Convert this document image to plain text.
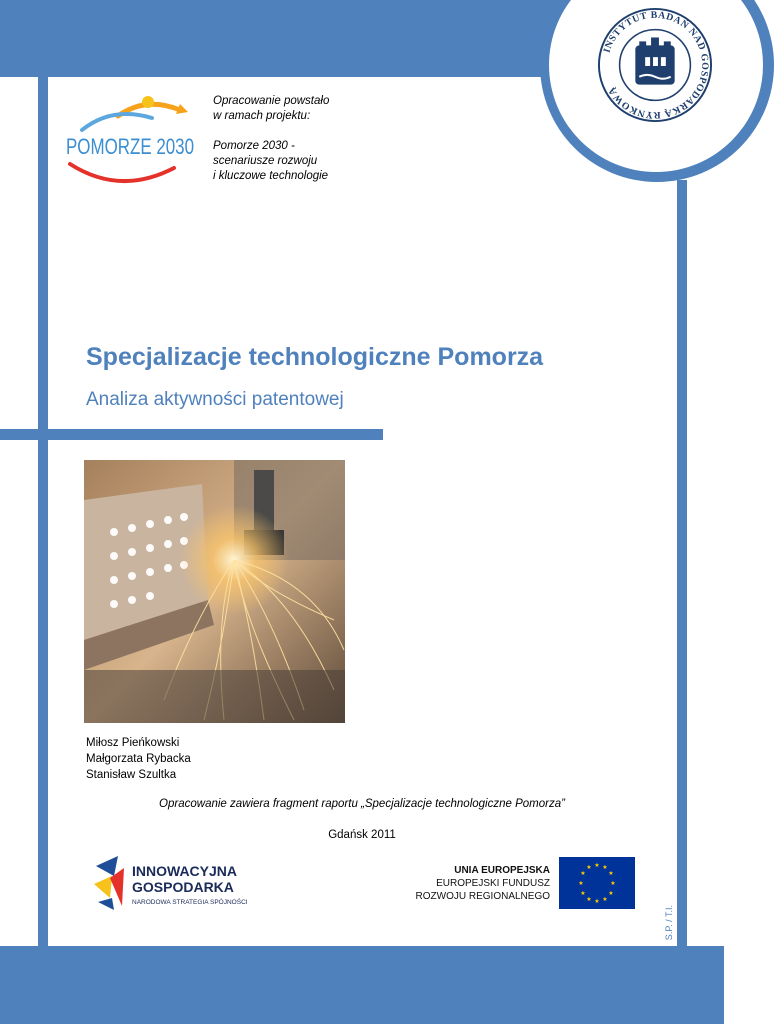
INSTYTUT BADAŃ NAD GOSPODARKĄ RYNKOWĄ
POMORZE 2030
Opracowanie powstało
w ramach projektu:
Pomorze 2030 -
scenariusze rozwoju
i kluczowe technologie
Specjalizacje technologiczne Pomorza
Analiza aktywności patentowej
Miłosz Pieńkowski
Małgorzata Rybacka
Stanisław Szultka
Opracowanie zawiera fragment raportu „Specjalizacje technologiczne Pomorza”
Gdańsk 2011
INNOWACYJNA
GOSPODARKA
NARODOWA STRATEGIA SPÓJNOŚCI
UNIA EUROPEJSKA
EUROPEJSKI FUNDUSZ
ROZWOJU REGIONALNEGO
★ ★
★
★
★
★
★
★
★
★
★
★
S.P. / T.I.
